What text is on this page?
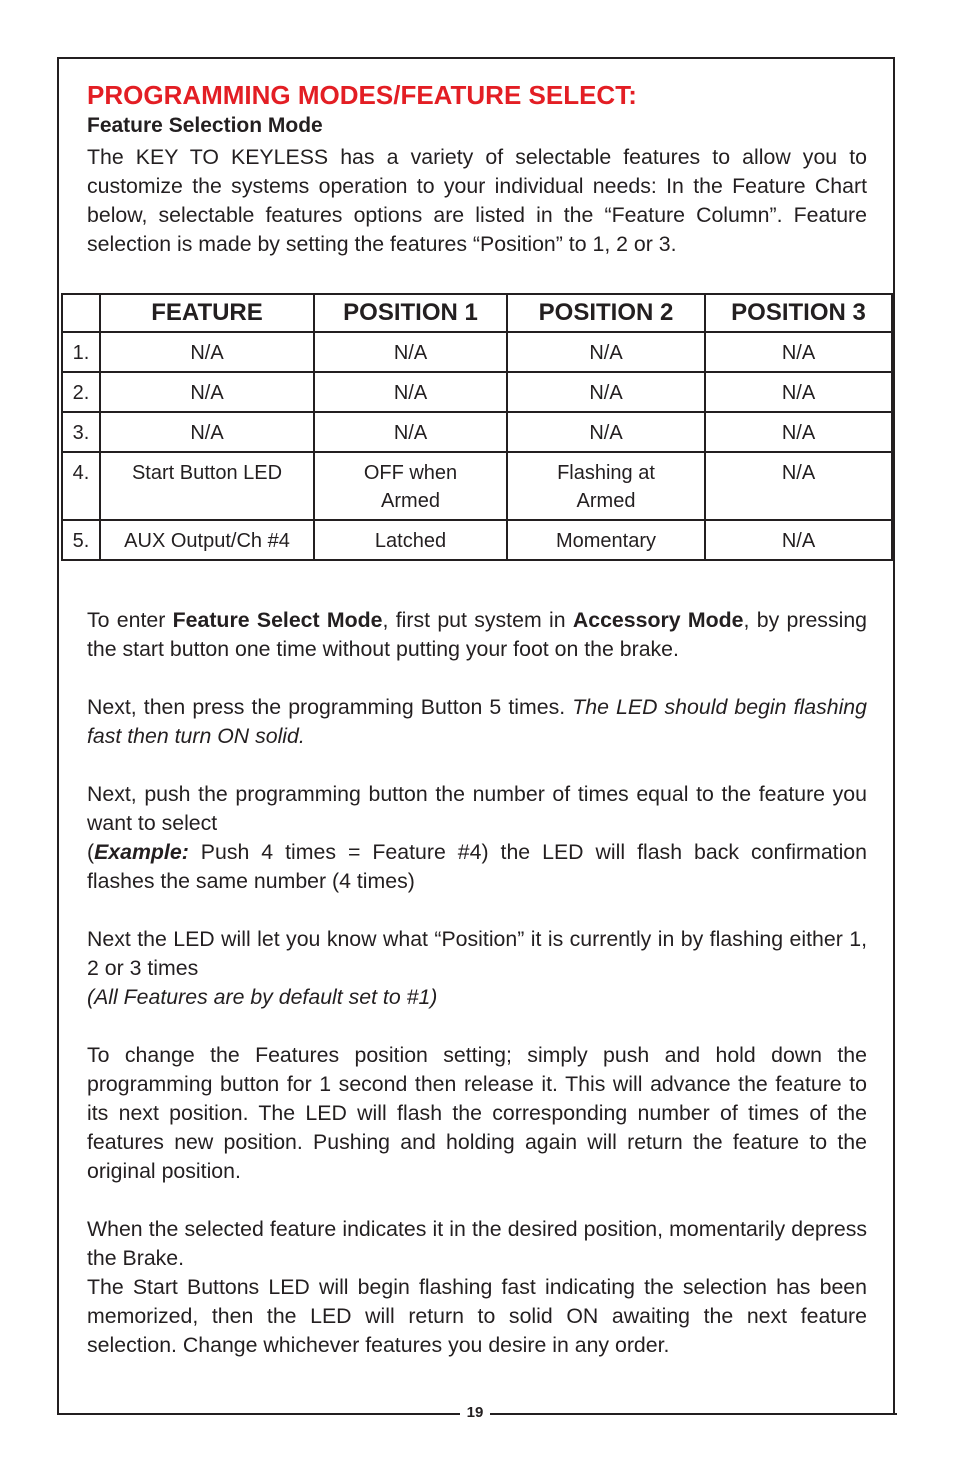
19
PROGRAMMING MODES/FEATURE SELECT:
Feature Selection Mode
The KEY TO KEYLESS has a variety of selectable features to allow you to customize the systems operation to your individual needs: In the Feature Chart below, selectable features options are listed in the “Feature Column”. Feature selection is made by setting the features “Position” to 1, 2 or 3.
	FEATURE	POSITION 1	POSITION 2	POSITION 3
1.	N/A	N/A	N/A	N/A
2.	N/A	N/A	N/A	N/A
3.	N/A	N/A	N/A	N/A
4.	Start Button LED	OFF when Armed	Flashing at Armed	N/A
5.	AUX Output/Ch #4	Latched	Momentary	N/A

To enter Feature Select Mode, first put system in Accessory Mode, by pressing the start button one time without putting your foot on the brake.

Next, then press the programming Button 5 times. The LED should begin flashing fast then turn ON solid.

Next, push the programming button the number of times equal to the feature you want to select
(Example: Push 4 times = Feature #4) the LED will flash back confirmation flashes the same number (4 times)

Next the LED will let you know what “Position” it is currently in by flashing either 1, 2 or 3 times
(All Features are by default set to #1)

To change the Features position setting; simply push and hold down the programming button for 1 second then release it. This will advance the feature to its next position. The LED will flash the corresponding number of times of the features new position. Pushing and holding again will return the feature to the original position.

When the selected feature indicates it in the desired position, momentarily depress the Brake.
The Start Buttons LED will begin flashing fast indicating the selection has been memorized, then the LED will return to solid ON awaiting the next feature selection. Change whichever features you desire in any order.
